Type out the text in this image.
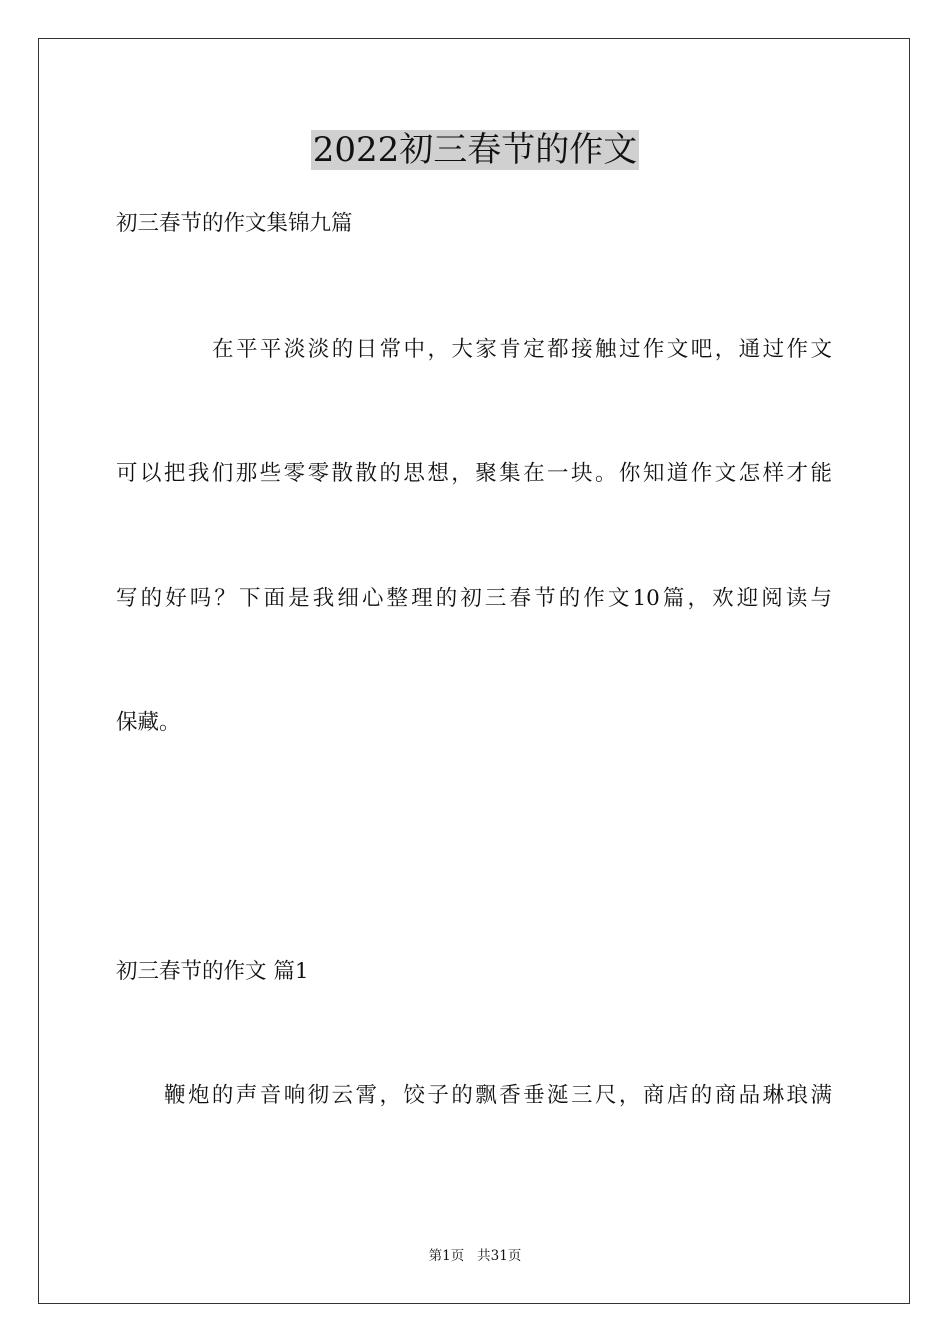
2022初三春节的作文
初三春节的作文集锦九篇
在平平淡淡的日常中，大家肯定都接触过作文吧，通过作文
可以把我们那些零零散散的思想，聚集在一块。你知道作文怎样才能
写的好吗？下面是我细心整理的初三春节的作文10篇，欢迎阅读与
保藏。
初三春节的作文 篇1
鞭炮的声音响彻云霄，饺子的飘香垂涎三尺，商店的商品琳琅满
第1页   共31页
